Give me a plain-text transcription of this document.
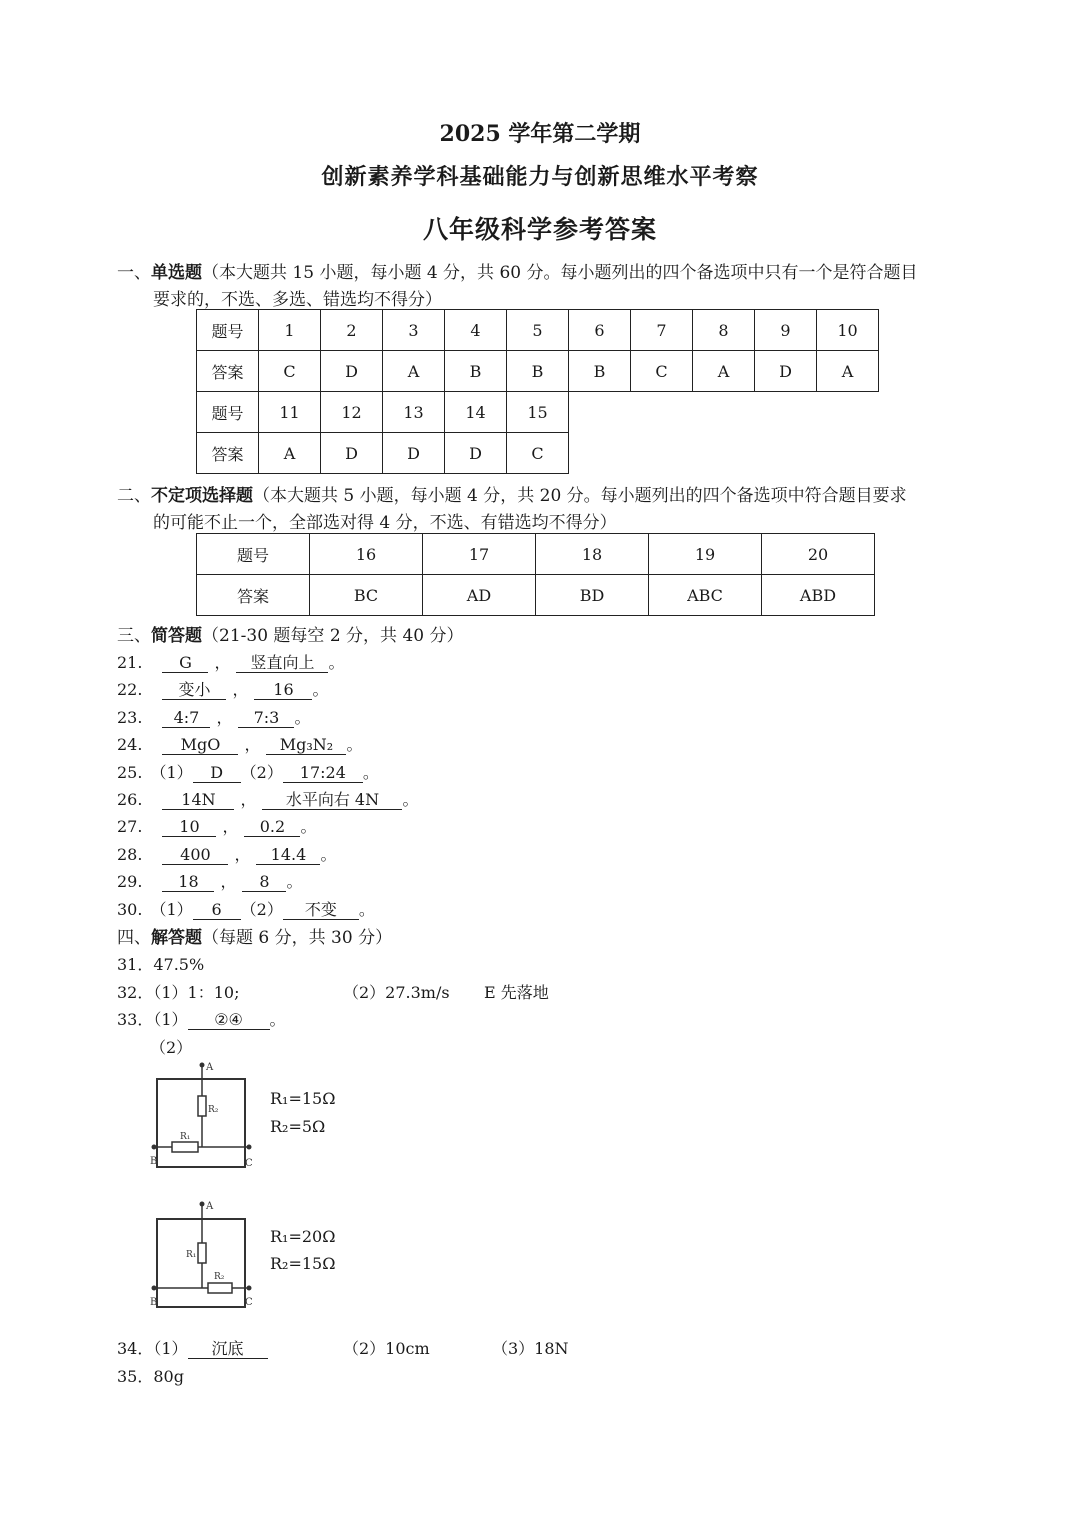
2025 学年第二学期
创新素养学科基础能力与创新思维水平考察
八年级科学参考答案
一、单选题（本大题共 15 小题，每小题 4 分，共 60 分。每小题列出的四个备选项中只有一个是符合题目
要求的，不选、多选、错选均不得分）
题号	1	2	3	4	5	6	7	8	9	10
答案	C	D	A	B	B	B	C	A	D	A
题号	11	12	13	14	15					
答案	A	D	D	D	C					
二、不定项选择题（本大题共 5 小题，每小题 4 分，共 20 分。每小题列出的四个备选项中符合题目要求
的可能不止一个，全部选对得 4 分，不选、有错选均不得分）
题号	16	17	18	19	20
答案	BC	AD	BD	ABC	ABD
三、简答题（21-30 题每空 2 分，共 40 分）
21. G ， 竖直向上 。
22. 变小 ， 16 。
23. 4:7 ， 7:3 。
24. MgO ， Mg₃N₂ 。
25. （1） D （2） 17:24 。
26. 14N ， 水平向右 4N 。
27. 10 ， 0.2 。
28. 400 ， 14.4 。
29. 18 ， 8 。
30. （1） 6 （2） 不变 。
四、解答题（每题 6 分，共 30 分）
31．47.5%
32．（1）1：10;	（2）27.3m/s E 先落地
33．（1） ②④ 。
（2）
A
R₂
R₁
B	C
R₁=15Ω
R₂=5Ω
A
R₁
R₂
B	C
R₁=20Ω
R₂=15Ω
34．（1） 沉底	（2）10cm	（3）18N
35．80g
